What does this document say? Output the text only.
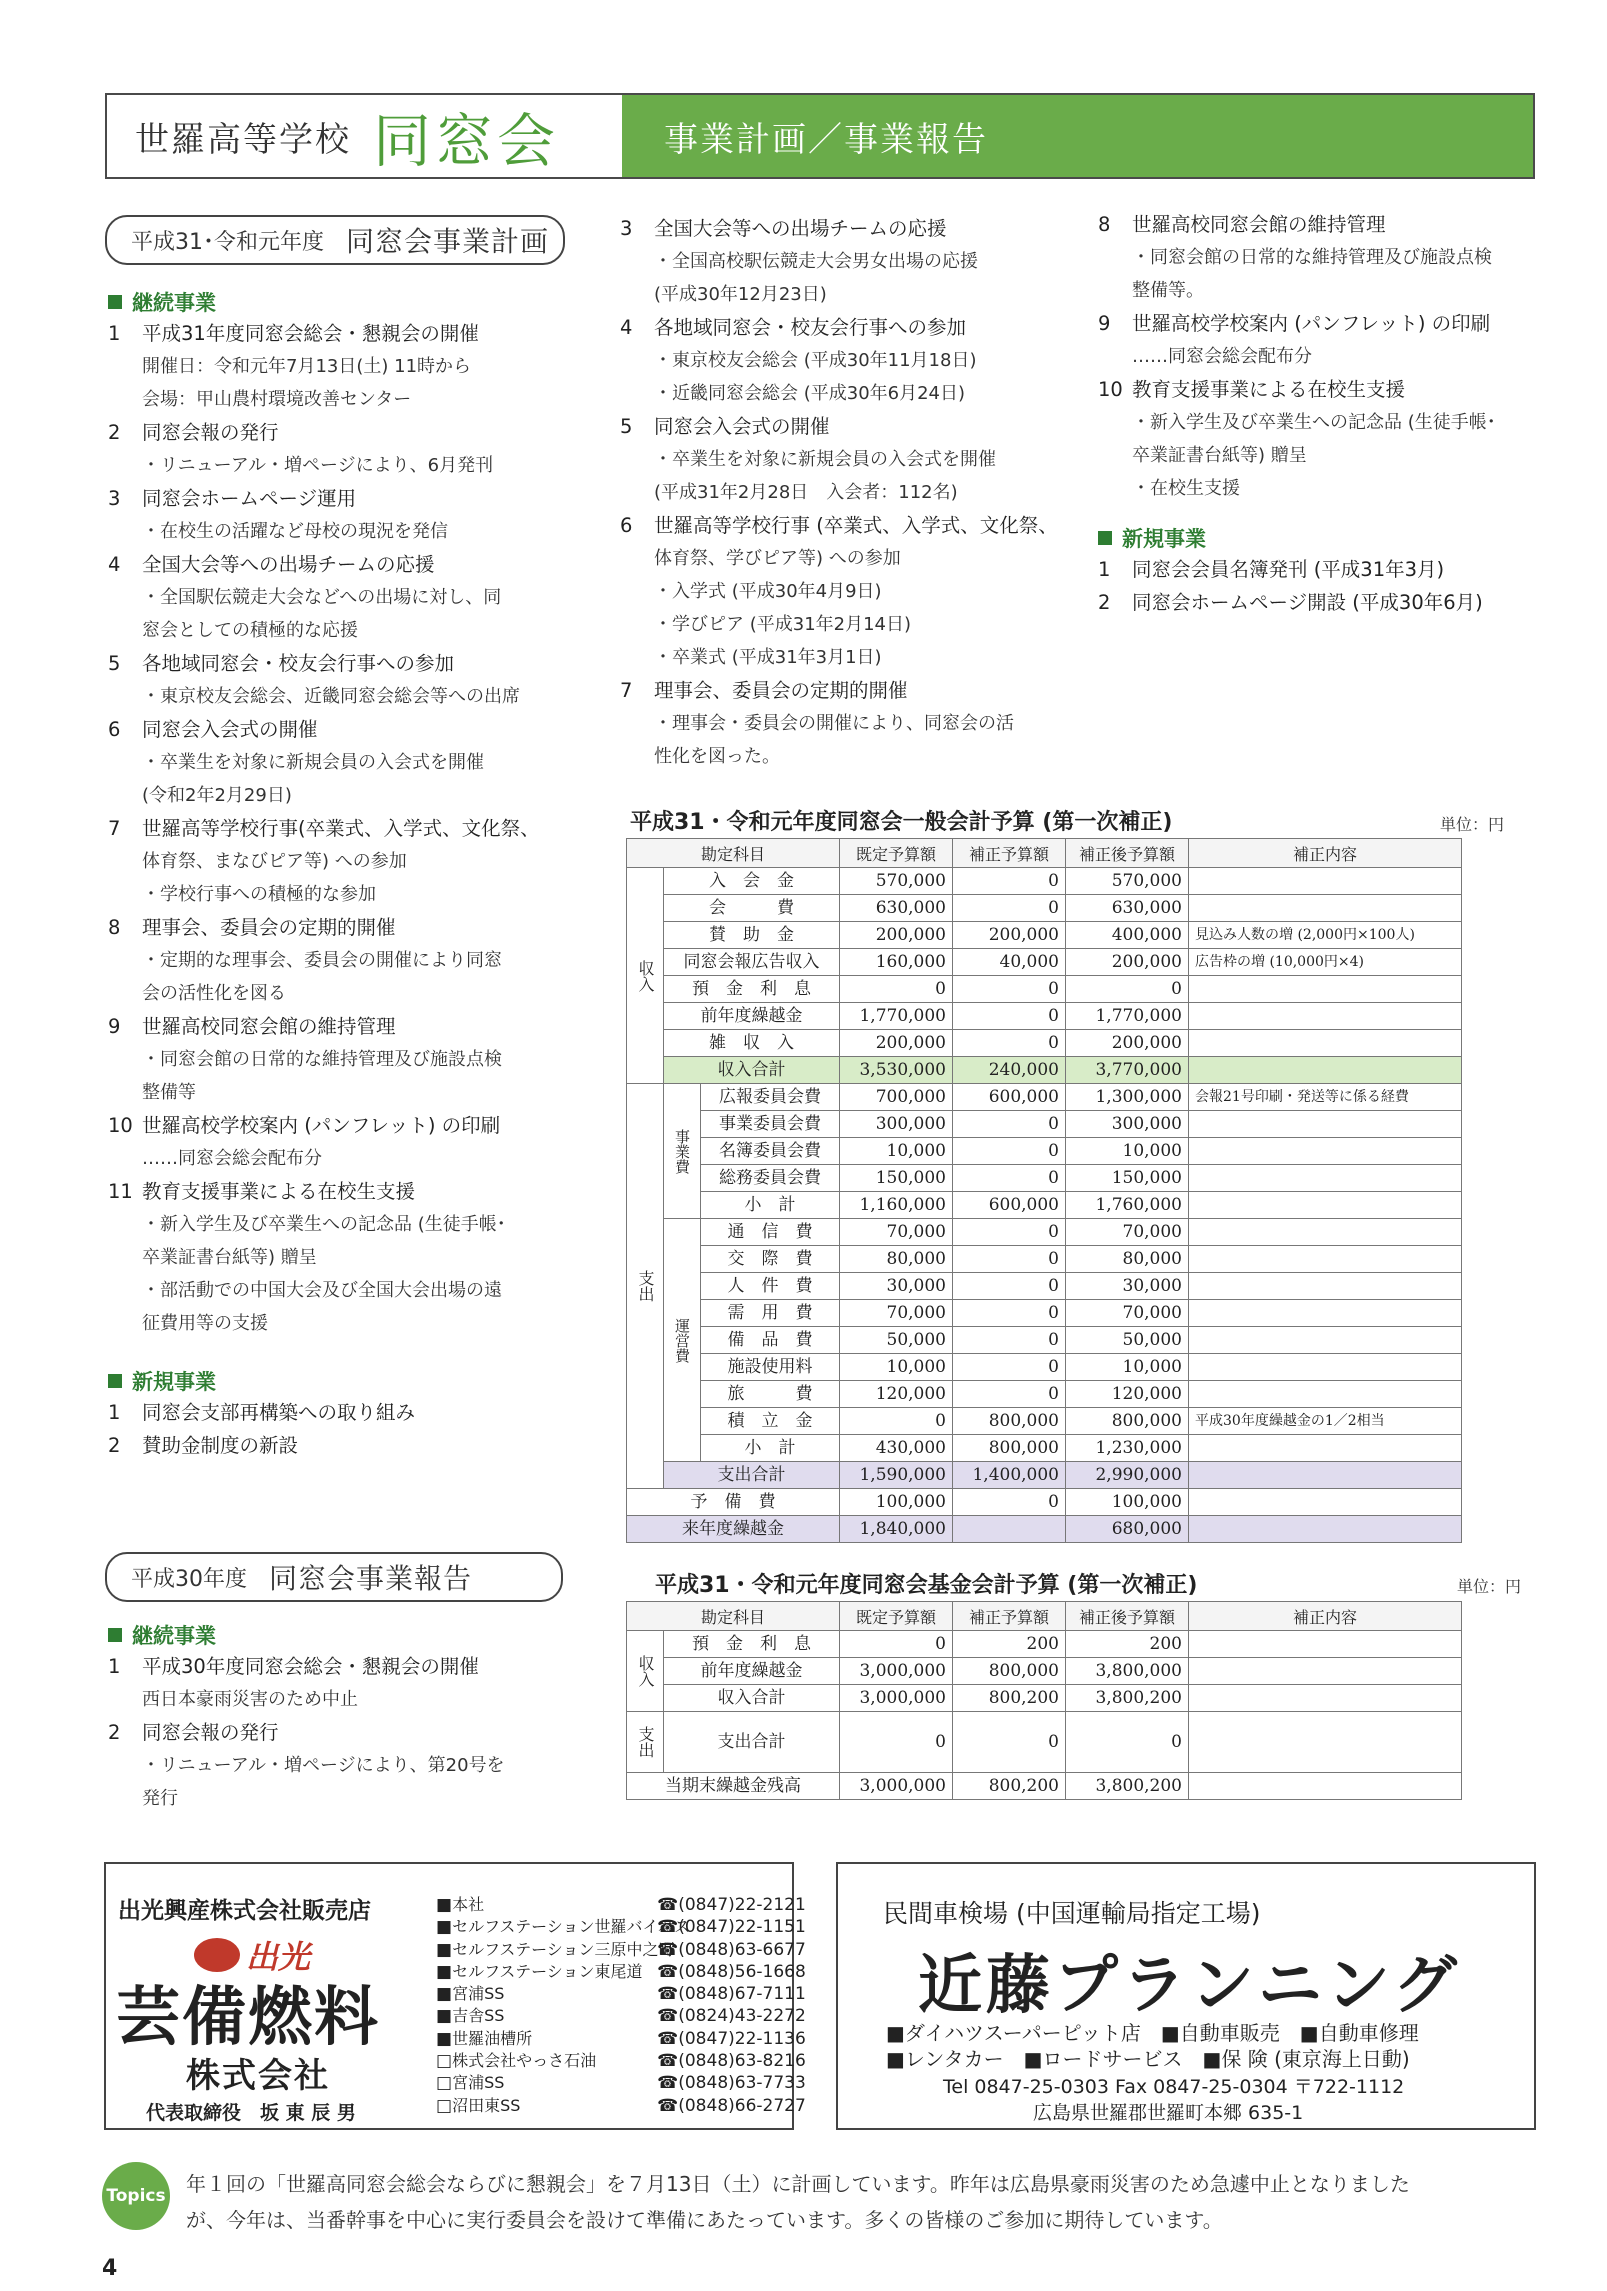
世羅高等学校 同窓会	事業計画／事業報告
平成31･令和元年度 同窓会事業計画
継続事業
1 平成31年度同窓会総会・懇親会の開催
開催日：令和元年7月13日(土) 11時から
会場：甲山農村環境改善センター
2 同窓会報の発行
・リニューアル・増ページにより、6月発刊
3 同窓会ホームページ運用
・在校生の活躍など母校の現況を発信
4 全国大会等への出場チームの応援
・全国駅伝競走大会などへの出場に対し、同
窓会としての積極的な応援
5 各地域同窓会・校友会行事への参加
・東京校友会総会、近畿同窓会総会等への出席
6 同窓会入会式の開催
・卒業生を対象に新規会員の入会式を開催
(令和2年2月29日)
7 世羅高等学校行事(卒業式、入学式、文化祭、
体育祭、まなびピア等) への参加
・学校行事への積極的な参加
8 理事会、委員会の定期的開催
・定期的な理事会、委員会の開催により同窓
会の活性化を図る
9 世羅高校同窓会館の維持管理
・同窓会館の日常的な維持管理及び施設点検
整備等
10 世羅高校学校案内 (パンフレット) の印刷
……同窓会総会配布分
11 教育支援事業による在校生支援
・新入学生及び卒業生への記念品 (生徒手帳･
卒業証書台紙等) 贈呈
・部活動での中国大会及び全国大会出場の遠
征費用等の支援
新規事業
1 同窓会支部再構築への取り組み
2 賛助金制度の新設
平成30年度 同窓会事業報告
継続事業
1 平成30年度同窓会総会・懇親会の開催
西日本豪雨災害のため中止
2 同窓会報の発行
・リニューアル・増ページにより、第20号を
発行
3 全国大会等への出場チームの応援
・全国高校駅伝競走大会男女出場の応援
(平成30年12月23日)
4 各地域同窓会・校友会行事への参加
・東京校友会総会 (平成30年11月18日)
・近畿同窓会総会 (平成30年6月24日)
5 同窓会入会式の開催
・卒業生を対象に新規会員の入会式を開催
(平成31年2月28日　入会者：112名)
6 世羅高等学校行事 (卒業式、入学式、文化祭、
体育祭、学びピア等) への参加
・入学式 (平成30年4月9日)
・学びピア (平成31年2月14日)
・卒業式 (平成31年3月1日)
7 理事会、委員会の定期的開催
・理事会・委員会の開催により、同窓会の活
性化を図った。
8 世羅高校同窓会館の維持管理
・同窓会館の日常的な維持管理及び施設点検
整備等。
9 世羅高校学校案内 (パンフレット) の印刷
……同窓会総会配布分
10 教育支援事業による在校生支援
・新入学生及び卒業生への記念品 (生徒手帳･
卒業証書台紙等) 贈呈
・在校生支援
新規事業
1 同窓会会員名簿発刊 (平成31年3月)
2 同窓会ホームページ開設 (平成30年6月)
平成31・令和元年度同窓会一般会計予算 (第一次補正)	単位：円
勘定科目			既定予算額	補正予算額	補正後予算額	補正内容
収入	入　会　金		570,000	0	570,000	
	会　　　費		630,000	0	630,000	
	賛　助　金		200,000	200,000	400,000	見込み人数の増 (2,000円×100人)
	同窓会報広告収入		160,000	40,000	200,000	広告枠の増 (10,000円×4)
	預　金　利　息		0	0	0	
	前年度繰越金		1,770,000	0	1,770,000	
	雑　収　入		200,000	0	200,000	
	収入合計		3,530,000	240,000	3,770,000	
支出	事業費	広報委員会費	700,000	600,000	1,300,000	会報21号印刷・発送等に係る経費
		事業委員会費	300,000	0	300,000	
		名簿委員会費	10,000	0	10,000	
		総務委員会費	150,000	0	150,000	
		小　計	1,160,000	600,000	1,760,000	
	運営費	通　信　費	70,000	0	70,000	
		交　際　費	80,000	0	80,000	
		人　件　費	30,000	0	30,000	
		需　用　費	70,000	0	70,000	
		備　品　費	50,000	0	50,000	
		施設使用料	10,000	0	10,000	
		旅　　　費	120,000	0	120,000	
		積　立　金	0	800,000	800,000	平成30年度繰越金の1／2相当
		小　計	430,000	800,000	1,230,000	
	支出合計		1,590,000	1,400,000	2,990,000	
予　備　費			100,000	0	100,000	
来年度繰越金			1,840,000		680,000	
平成31・令和元年度同窓会基金会計予算 (第一次補正)	単位：円
勘定科目		既定予算額	補正予算額	補正後予算額	補正内容
収入	預　金　利　息	0	200	200	
	前年度繰越金	3,000,000	800,000	3,800,000	
	収入合計	3,000,000	800,200	3,800,200	
支出	支出合計	0	0	0	
当期末繰越金残高		3,000,000	800,200	3,800,200	
出光興産株式会社販売店
出光
芸備燃料
株式会社
代表取締役　坂 東 辰 男
■本社	☎(0847)22-2121
■セルフステーション世羅バイパス☎(0847)22-1151
■セルフステーション三原中之町☎(0848)63-6677
■セルフステーション東尾道 ☎(0848)56-1668
■宮浦SS	☎(0848)67-7111
■吉舎SS	☎(0824)43-2272
■世羅油槽所	☎(0847)22-1136
□株式会社やっさ石油	☎(0848)63-8216
□宮浦SS	☎(0848)63-7733
□沼田東SS	☎(0848)66-2727
民間車検場 (中国運輸局指定工場)
近藤プランニング
■ダイハツスーパーピット店　■自動車販売　■自動車修理
■レンタカー　■ロードサービス　■保 険 (東京海上日動)
Tel 0847-25-0303 Fax 0847-25-0304 〒722-1112
広島県世羅郡世羅町本郷 635-1
Topics 年１回の「世羅高同窓会総会ならびに懇親会」を７月13日（土）に計画しています。昨年は広島県豪雨災害のため急遽中止となりました
が、今年は、当番幹事を中心に実行委員会を設けて準備にあたっています。多くの皆様のご参加に期待しています。
4
